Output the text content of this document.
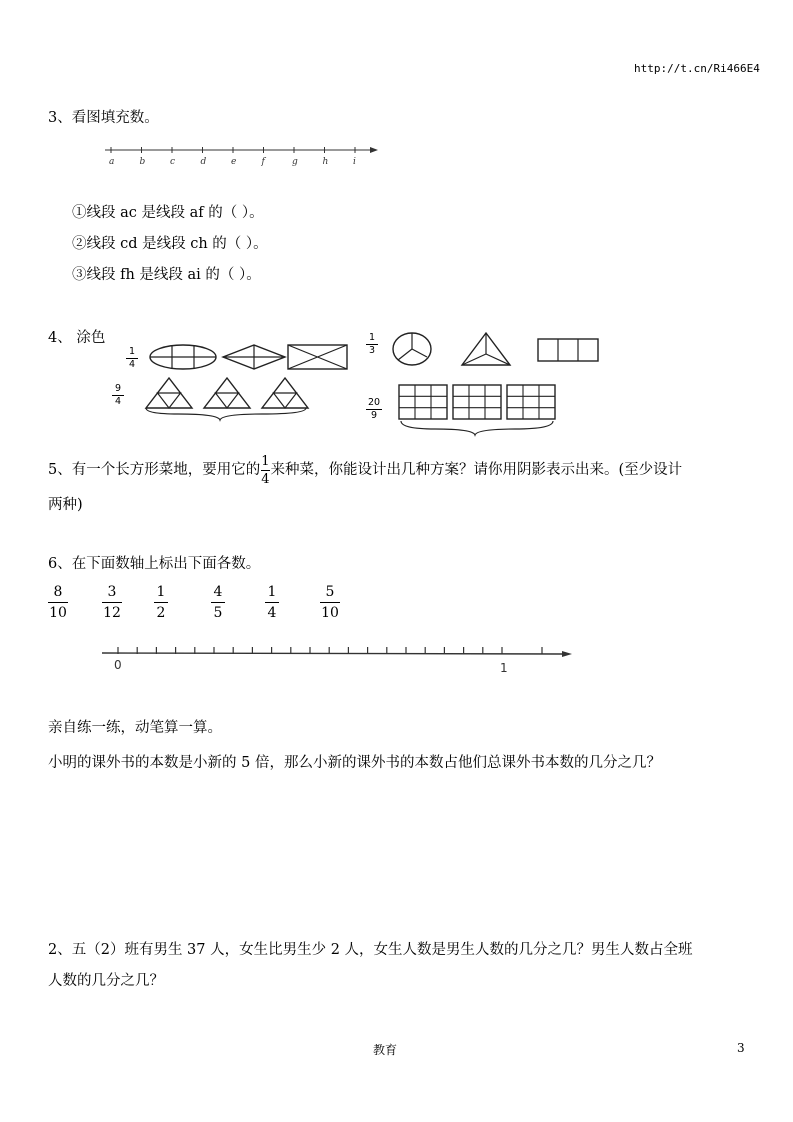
http://t.cn/Ri466E4
3、看图填充数。
a	b	c	d	e	f	g	h	i
①线段 ac 是线段 af 的（ ）。
②线段 cd 是线段 ch 的（ ）。
③线段 fh 是线段 ai 的（ ）。
4、 涂色
1
4
1
3
9
4	20
9
5、有一个长方形菜地，要用它的 $\frac{1}{4}$ 来种菜，你能设计出几种方案？请你用阴影表示出来。(至少设计
两种)
6、在下面数轴上标出下面各数。
8
10
3
12
1
2
4
5
1
4
5
10
0	1
亲自练一练，动笔算一算。
小明的课外书的本数是小新的 5 倍，那么小新的课外书的本数占他们总课外书本数的几分之几？
2、五（2）班有男生 37 人，女生比男生少 2 人，女生人数是男生人数的几分之几？男生人数占全班
人数的几分之几？
教育	3
